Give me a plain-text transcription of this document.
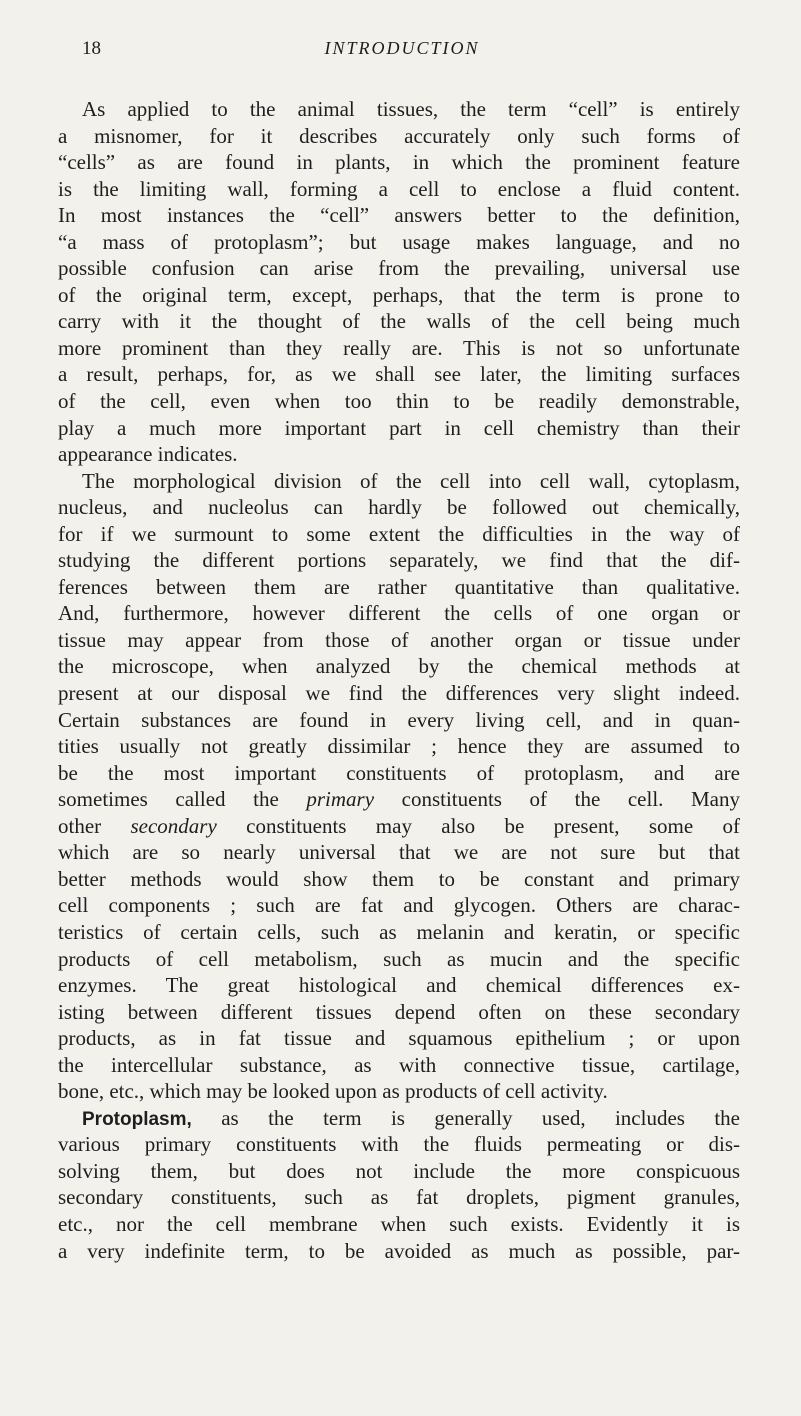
18	INTRODUCTION
As applied to the animal tissues, the term “cell” is entirely
a misnomer, for it describes accurately only such forms of
“cells” as are found in plants, in which the prominent feature
is the limiting wall, forming a cell to enclose a fluid content.
In most instances the “cell” answers better to the definition,
“a mass of protoplasm”; but usage makes language, and no
possible confusion can arise from the prevailing, universal use
of the original term, except, perhaps, that the term is prone to
carry with it the thought of the walls of the cell being much
more prominent than they really are. This is not so unfortunate
a result, perhaps, for, as we shall see later, the limiting surfaces
of the cell, even when too thin to be readily demonstrable,
play a much more important part in cell chemistry than their
appearance indicates.
The morphological division of the cell into cell wall, cytoplasm,
nucleus, and nucleolus can hardly be followed out chemically,
for if we surmount to some extent the difficulties in the way of
studying the different portions separately, we find that the dif-
ferences between them are rather quantitative than qualitative.
And, furthermore, however different the cells of one organ or
tissue may appear from those of another organ or tissue under
the microscope, when analyzed by the chemical methods at
present at our disposal we find the differences very slight indeed.
Certain substances are found in every living cell, and in quan-
tities usually not greatly dissimilar ; hence they are assumed to
be the most important constituents of protoplasm, and are
sometimes called the primary constituents of the cell. Many
other secondary constituents may also be present, some of
which are so nearly universal that we are not sure but that
better methods would show them to be constant and primary
cell components ; such are fat and glycogen. Others are charac-
teristics of certain cells, such as melanin and keratin, or specific
products of cell metabolism, such as mucin and the specific
enzymes. The great histological and chemical differences ex-
isting between different tissues depend often on these secondary
products, as in fat tissue and squamous epithelium ; or upon
the intercellular substance, as with connective tissue, cartilage,
bone, etc., which may be looked upon as products of cell activity.
Protoplasm, as the term is generally used, includes the
various primary constituents with the fluids permeating or dis-
solving them, but does not include the more conspicuous
secondary constituents, such as fat droplets, pigment granules,
etc., nor the cell membrane when such exists. Evidently it is
a very indefinite term, to be avoided as much as possible, par-
